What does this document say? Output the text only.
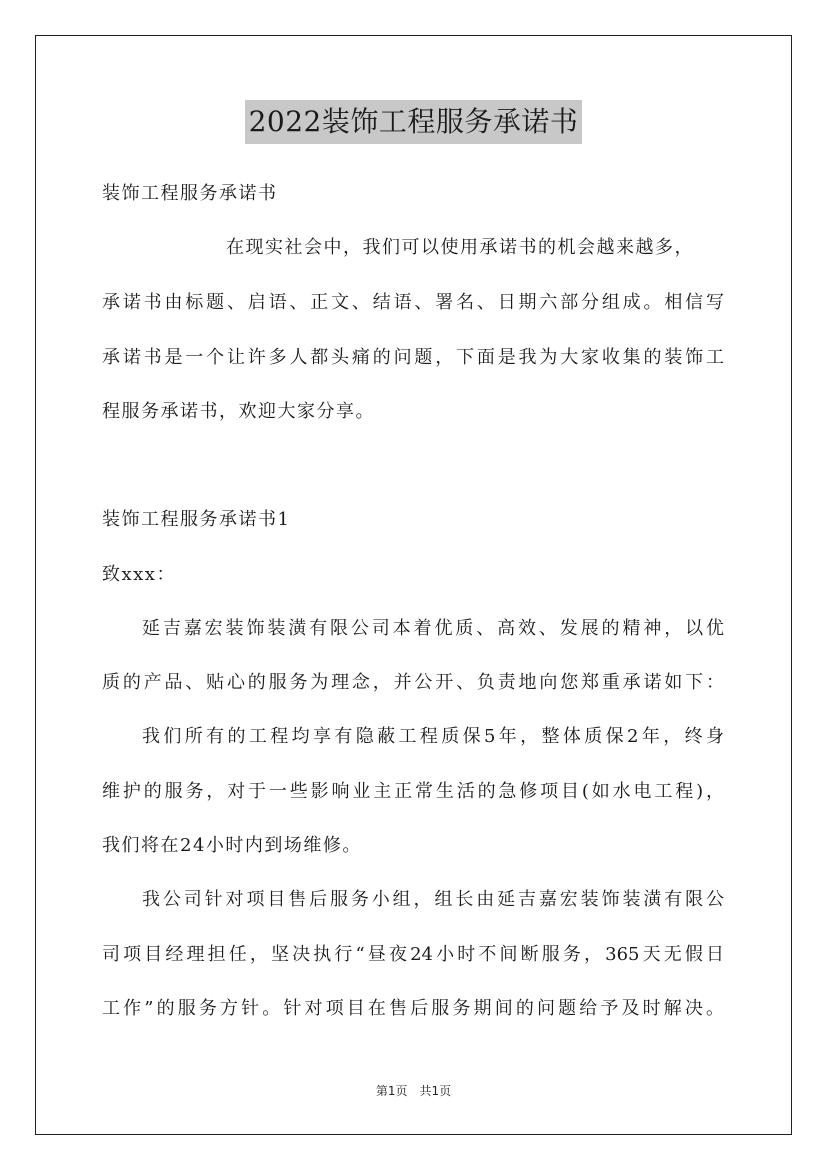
2022装饰工程服务承诺书
装饰工程服务承诺书
在现实社会中，我们可以使用承诺书的机会越来越多，
承诺书由标题、启语、正文、结语、署名、日期六部分组成。相信写
承诺书是一个让许多人都头痛的问题，下面是我为大家收集的装饰工
程服务承诺书，欢迎大家分享。
装饰工程服务承诺书1
致xxx：
延吉嘉宏装饰装潢有限公司本着优质、高效、发展的精神，以优
质的产品、贴心的服务为理念，并公开、负责地向您郑重承诺如下：
我们所有的工程均享有隐蔽工程质保5年，整体质保2年，终身
维护的服务，对于一些影响业主正常生活的急修项目(如水电工程)，
我们将在24小时内到场维修。
我公司针对项目售后服务小组，组长由延吉嘉宏装饰装潢有限公
司项目经理担任，坚决执行“昼夜24小时不间断服务，365天无假日
工作”的服务方针。针对项目在售后服务期间的问题给予及时解决。
第1页 共1页
